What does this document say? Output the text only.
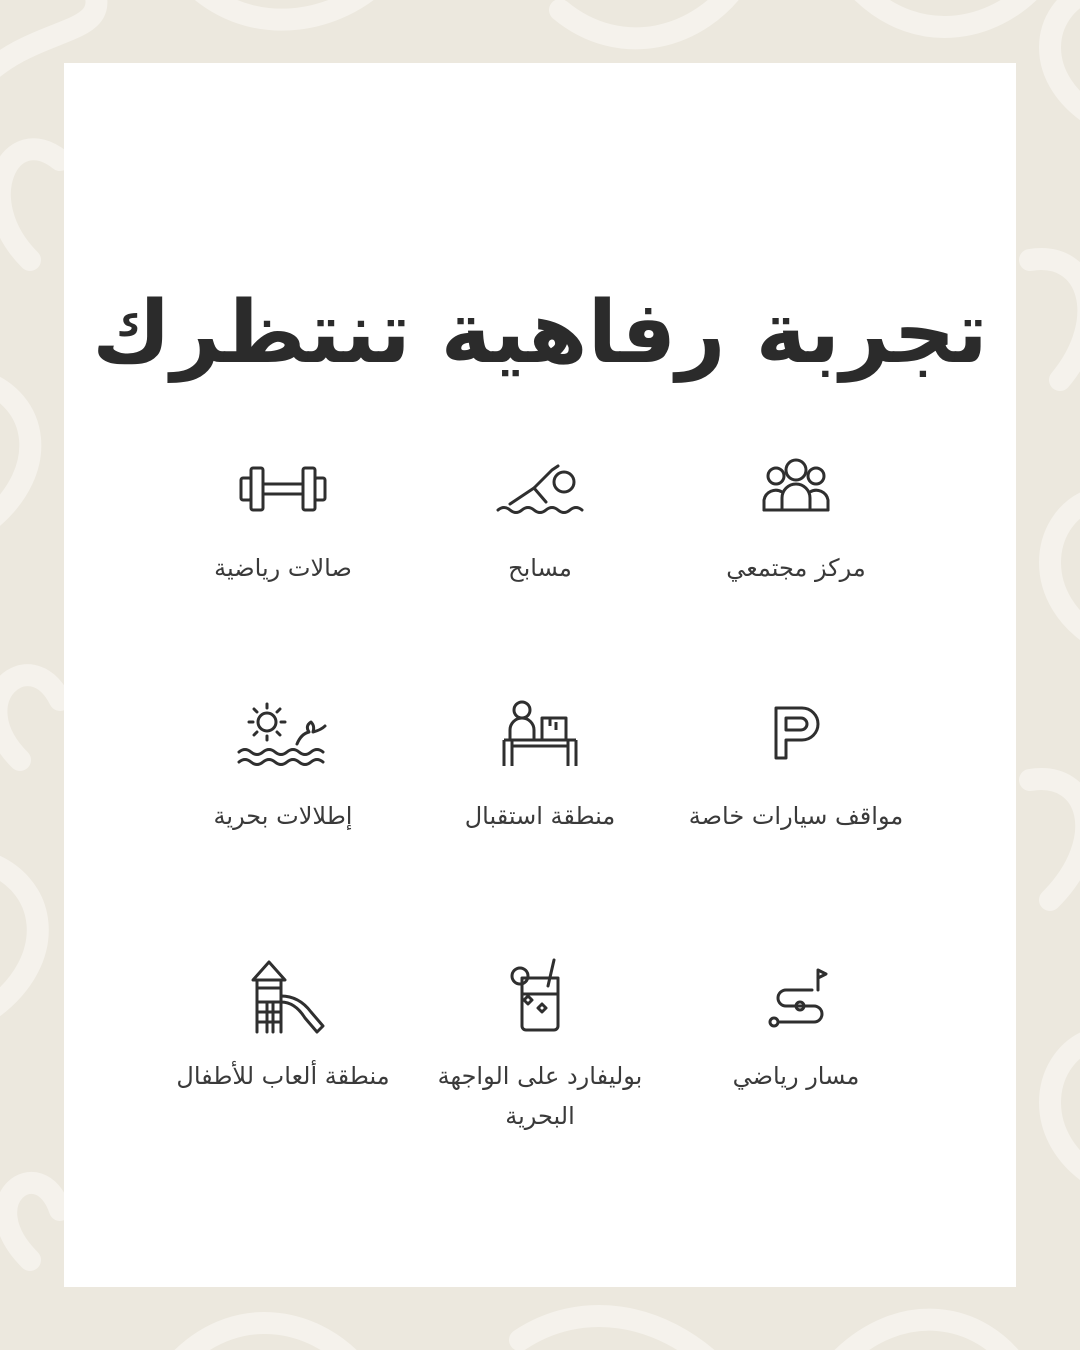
تجربة رفاهية تنتظرك
مركز مجتمعي
مسابح
صالات رياضية
مواقف سيارات خاصة
منطقة استقبال
إطلالات بحرية
مسار رياضي
بوليفارد على الواجهة البحرية
منطقة ألعاب للأطفال
